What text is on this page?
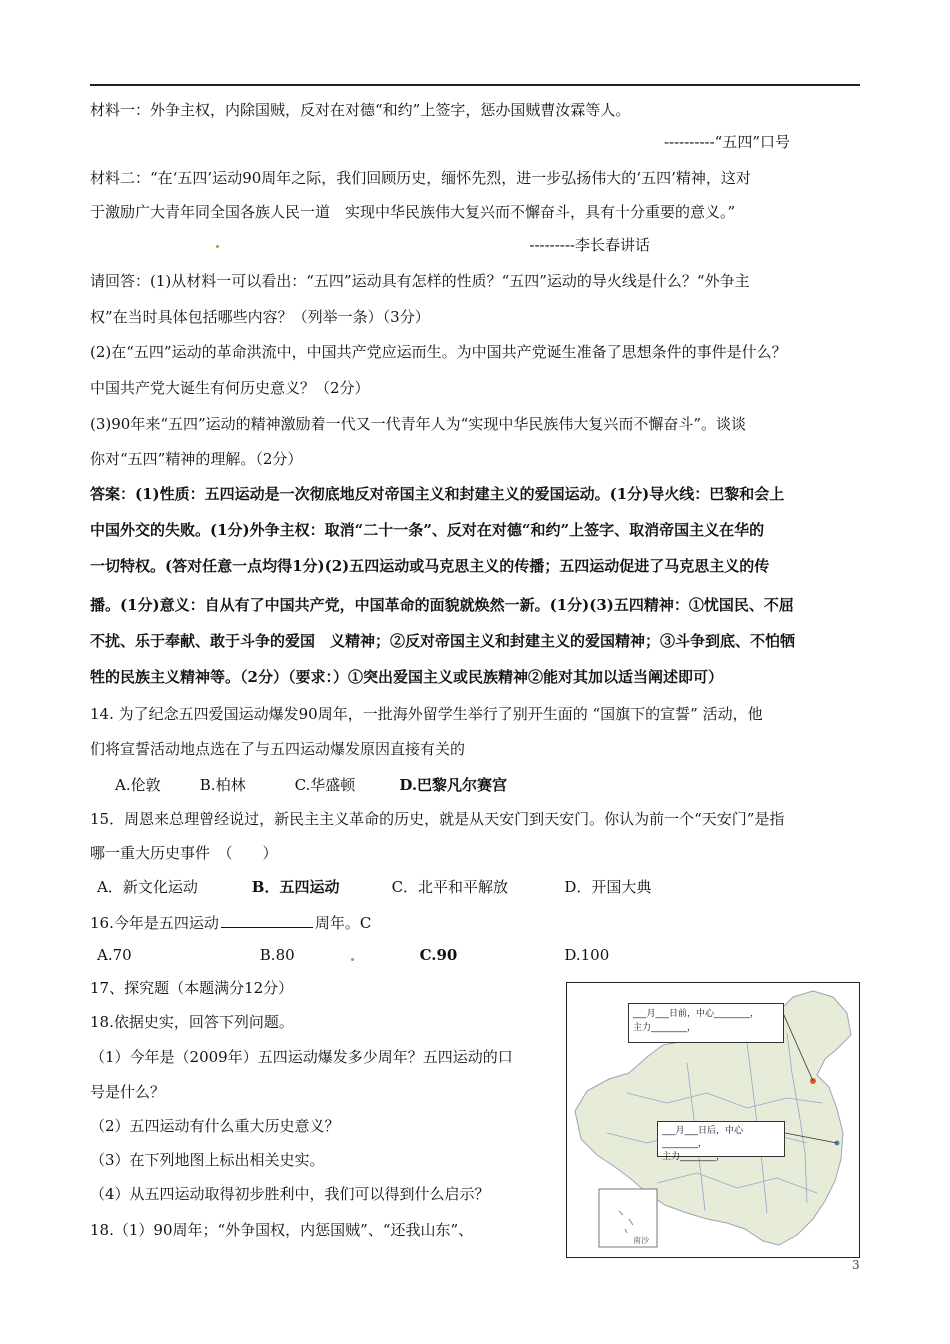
材料一：外争主权，内除国贼，反对在对德“和约”上签字，惩办国贼曹汝霖等人。
----------“五四”口号
材料二：“在‘五四’运动90周年之际，我们回顾历史，缅怀先烈，进一步弘扬伟大的‘五四’精神，这对
于激励广大青年同全国各族人民一道　实现中华民族伟大复兴而不懈奋斗，具有十分重要的意义。”
---------李长春讲话
请回答：(1)从材料一可以看出：“五四”运动具有怎样的性质？“五四”运动的导火线是什么？“外争主
权”在当时具体包括哪些内容？（列举一条）（3分）
(2)在“五四”运动的革命洪流中，中国共产党应运而生。为中国共产党诞生准备了思想条件的事件是什么？
中国共产党大诞生有何历史意义？（2分）
(3)90年来“五四”运动的精神激励着一代又一代青年人为“实现中华民族伟大复兴而不懈奋斗”。谈谈
你对“五四”精神的理解。（2分）
答案：(1)性质：五四运动是一次彻底地反对帝国主义和封建主义的爱国运动。(1分)导火线：巴黎和会上
中国外交的失败。(1分)外争主权：取消“二十一条”、反对在对德“和约”上签字、取消帝国主义在华的
一切特权。(答对任意一点均得1分)(2)五四运动或马克思主义的传播；五四运动促进了马克思主义的传
播。(1分)意义：自从有了中国共产党，中国革命的面貌就焕然一新。(1分)(3)五四精神：①忧国民、不屈
不扰、乐于奉献、敢于斗争的爱国　义精神；②反对帝国主义和封建主义的爱国精神；③斗争到底、不怕牺
牲的民族主义精神等。（2分）（要求：）①突出爱国主义或民族精神②能对其加以适当阐述即可）
14. 为了纪念五四爱国运动爆发90周年，一批海外留学生举行了别开生面的 “国旗下的宣誓” 活动，他
们将宣誓活动地点选在了与五四运动爆发原因直接有关的
A.伦敦	B.柏林	C.华盛顿	D.巴黎凡尔赛宫
15．周恩来总理曾经说过，新民主主义革命的历史，就是从天安门到天安门。你认为前一个“天安门”是指
哪一重大历史事件　（　　）
A．新文化运动	B．五四运动	C．北平和平解放	D．开国大典
16.今年是五四运动	周年。C
A.70	B.80	C.90	D.100
17、探究题（本题满分12分）
18.依据史实，回答下列问题。
（1）今年是（2009年）五四运动爆发多少周年？五四运动的口
号是什么？
（2）五四运动有什么重大历史意义？
（3）在下列地图上标出相关史实。
（4）从五四运动取得初步胜利中，我们可以得到什么启示？
18.（1）90周年；“外争国权，内惩国贼”、“还我山东”、
___月___日前，中心________，
主力________，
___月___日后，中心________，
主力________，
南沙
3
